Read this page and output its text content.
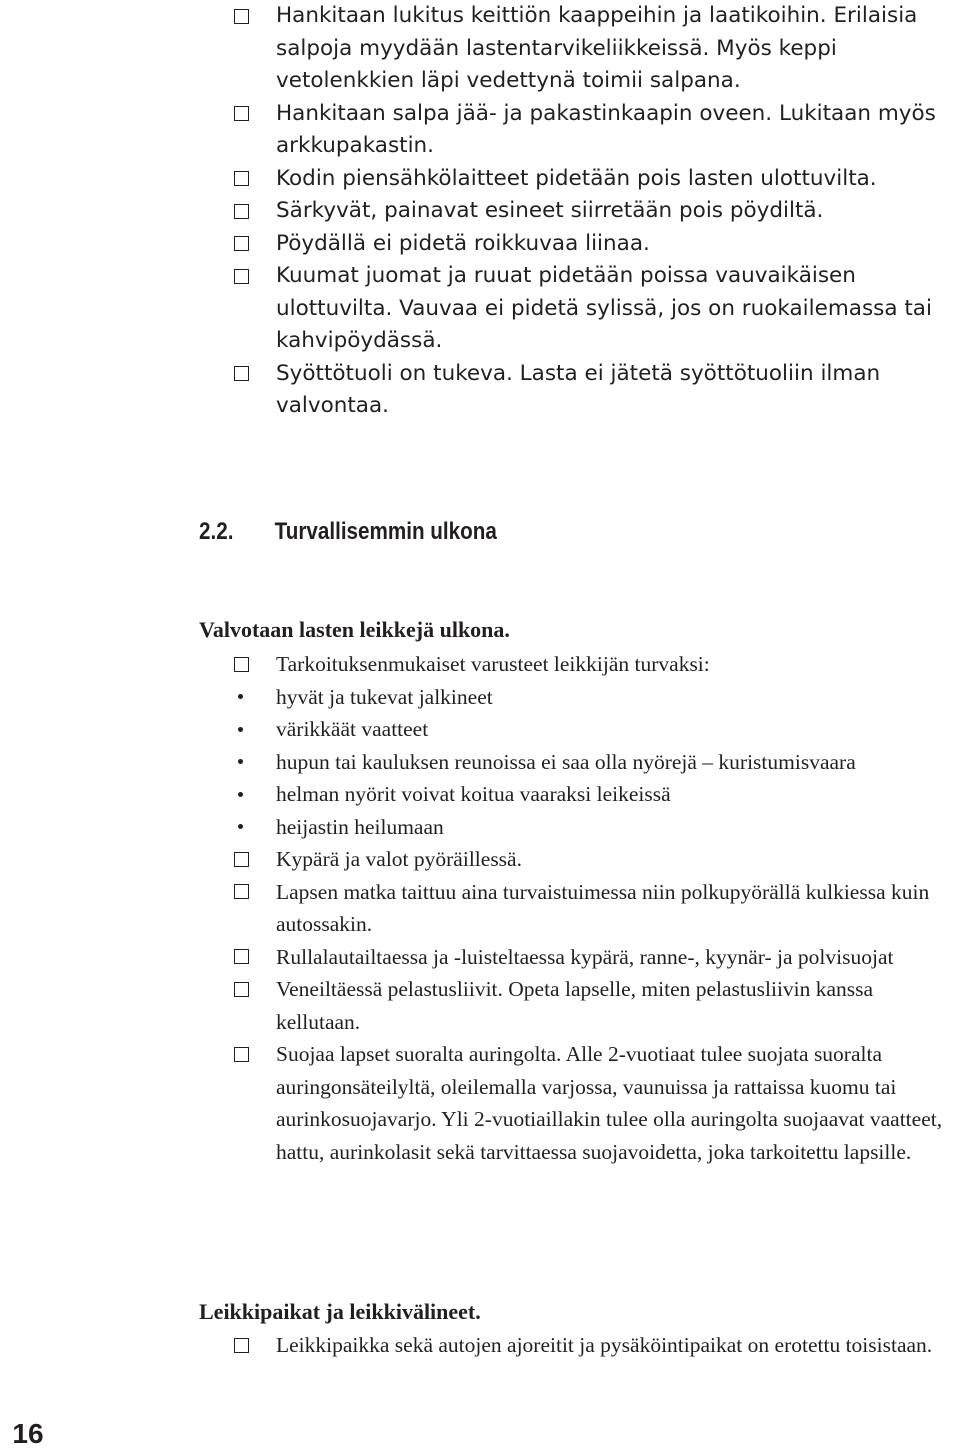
Hankitaan lukitus keittiön kaappeihin ja laatikoihin. Erilaisia salpoja myydään lastentarvikeliikkeissä. Myös keppi vetolenkkien läpi vedettynä toimii salpana.
Hankitaan salpa jää- ja pakastinkaapin oveen. Lukitaan myös arkkupakastin.
Kodin piensähkölaitteet pidetään pois lasten ulottuvilta.
Särkyvät, painavat esineet siirretään pois pöydiltä.
Pöydällä ei pidetä roikkuvaa liinaa.
Kuumat juomat ja ruuat pidetään poissa vauvaikäisen ulottuvilta. Vauvaa ei pidetä sylissä, jos on ruokailemassa tai kahvipöydässä.
Syöttötuoli on tukeva. Lasta ei jätetä syöttötuoliin ilman valvontaa.
2.2. Turvallisemmin ulkona

Valvotaan lasten leikkejä ulkona.

Tarkoituksenmukaiset varusteet leikkijän turvaksi:
hyvät ja tukevat jalkineet
värikkäät vaatteet
hupun tai kauluksen reunoissa ei saa olla nyörejä – kuristumisvaara
helman nyörit voivat koitua vaaraksi leikeissä
heijastin heilumaan
Kypärä ja valot pyöräillessä.
Lapsen matka taittuu aina turvaistuimessa niin polkupyörällä kulkiessa kuin autossakin.
Rullalautailtaessa ja -luisteltaessa kypärä, ranne-, kyynär- ja polvisuojat
Veneiltäessä pelastusliivit. Opeta lapselle, miten pelastusliivin kanssa kellutaan.
Suojaa lapset suoralta auringolta. Alle 2-vuotiaat tulee suojata suoralta auringonsäteilyltä, oleilemalla varjossa, vaunuissa ja rattaissa kuomu tai aurinkosuojavarjo. Yli 2-vuotiaillakin tulee olla auringolta suojaavat vaatteet, hattu, aurinkolasit sekä tarvittaessa suojavoidetta, joka tarkoitettu lapsille.

Leikkipaikat ja leikkivälineet.

Leikkipaikka sekä autojen ajoreitit ja pysäköintipaikat on erotettu toisistaan.
16
